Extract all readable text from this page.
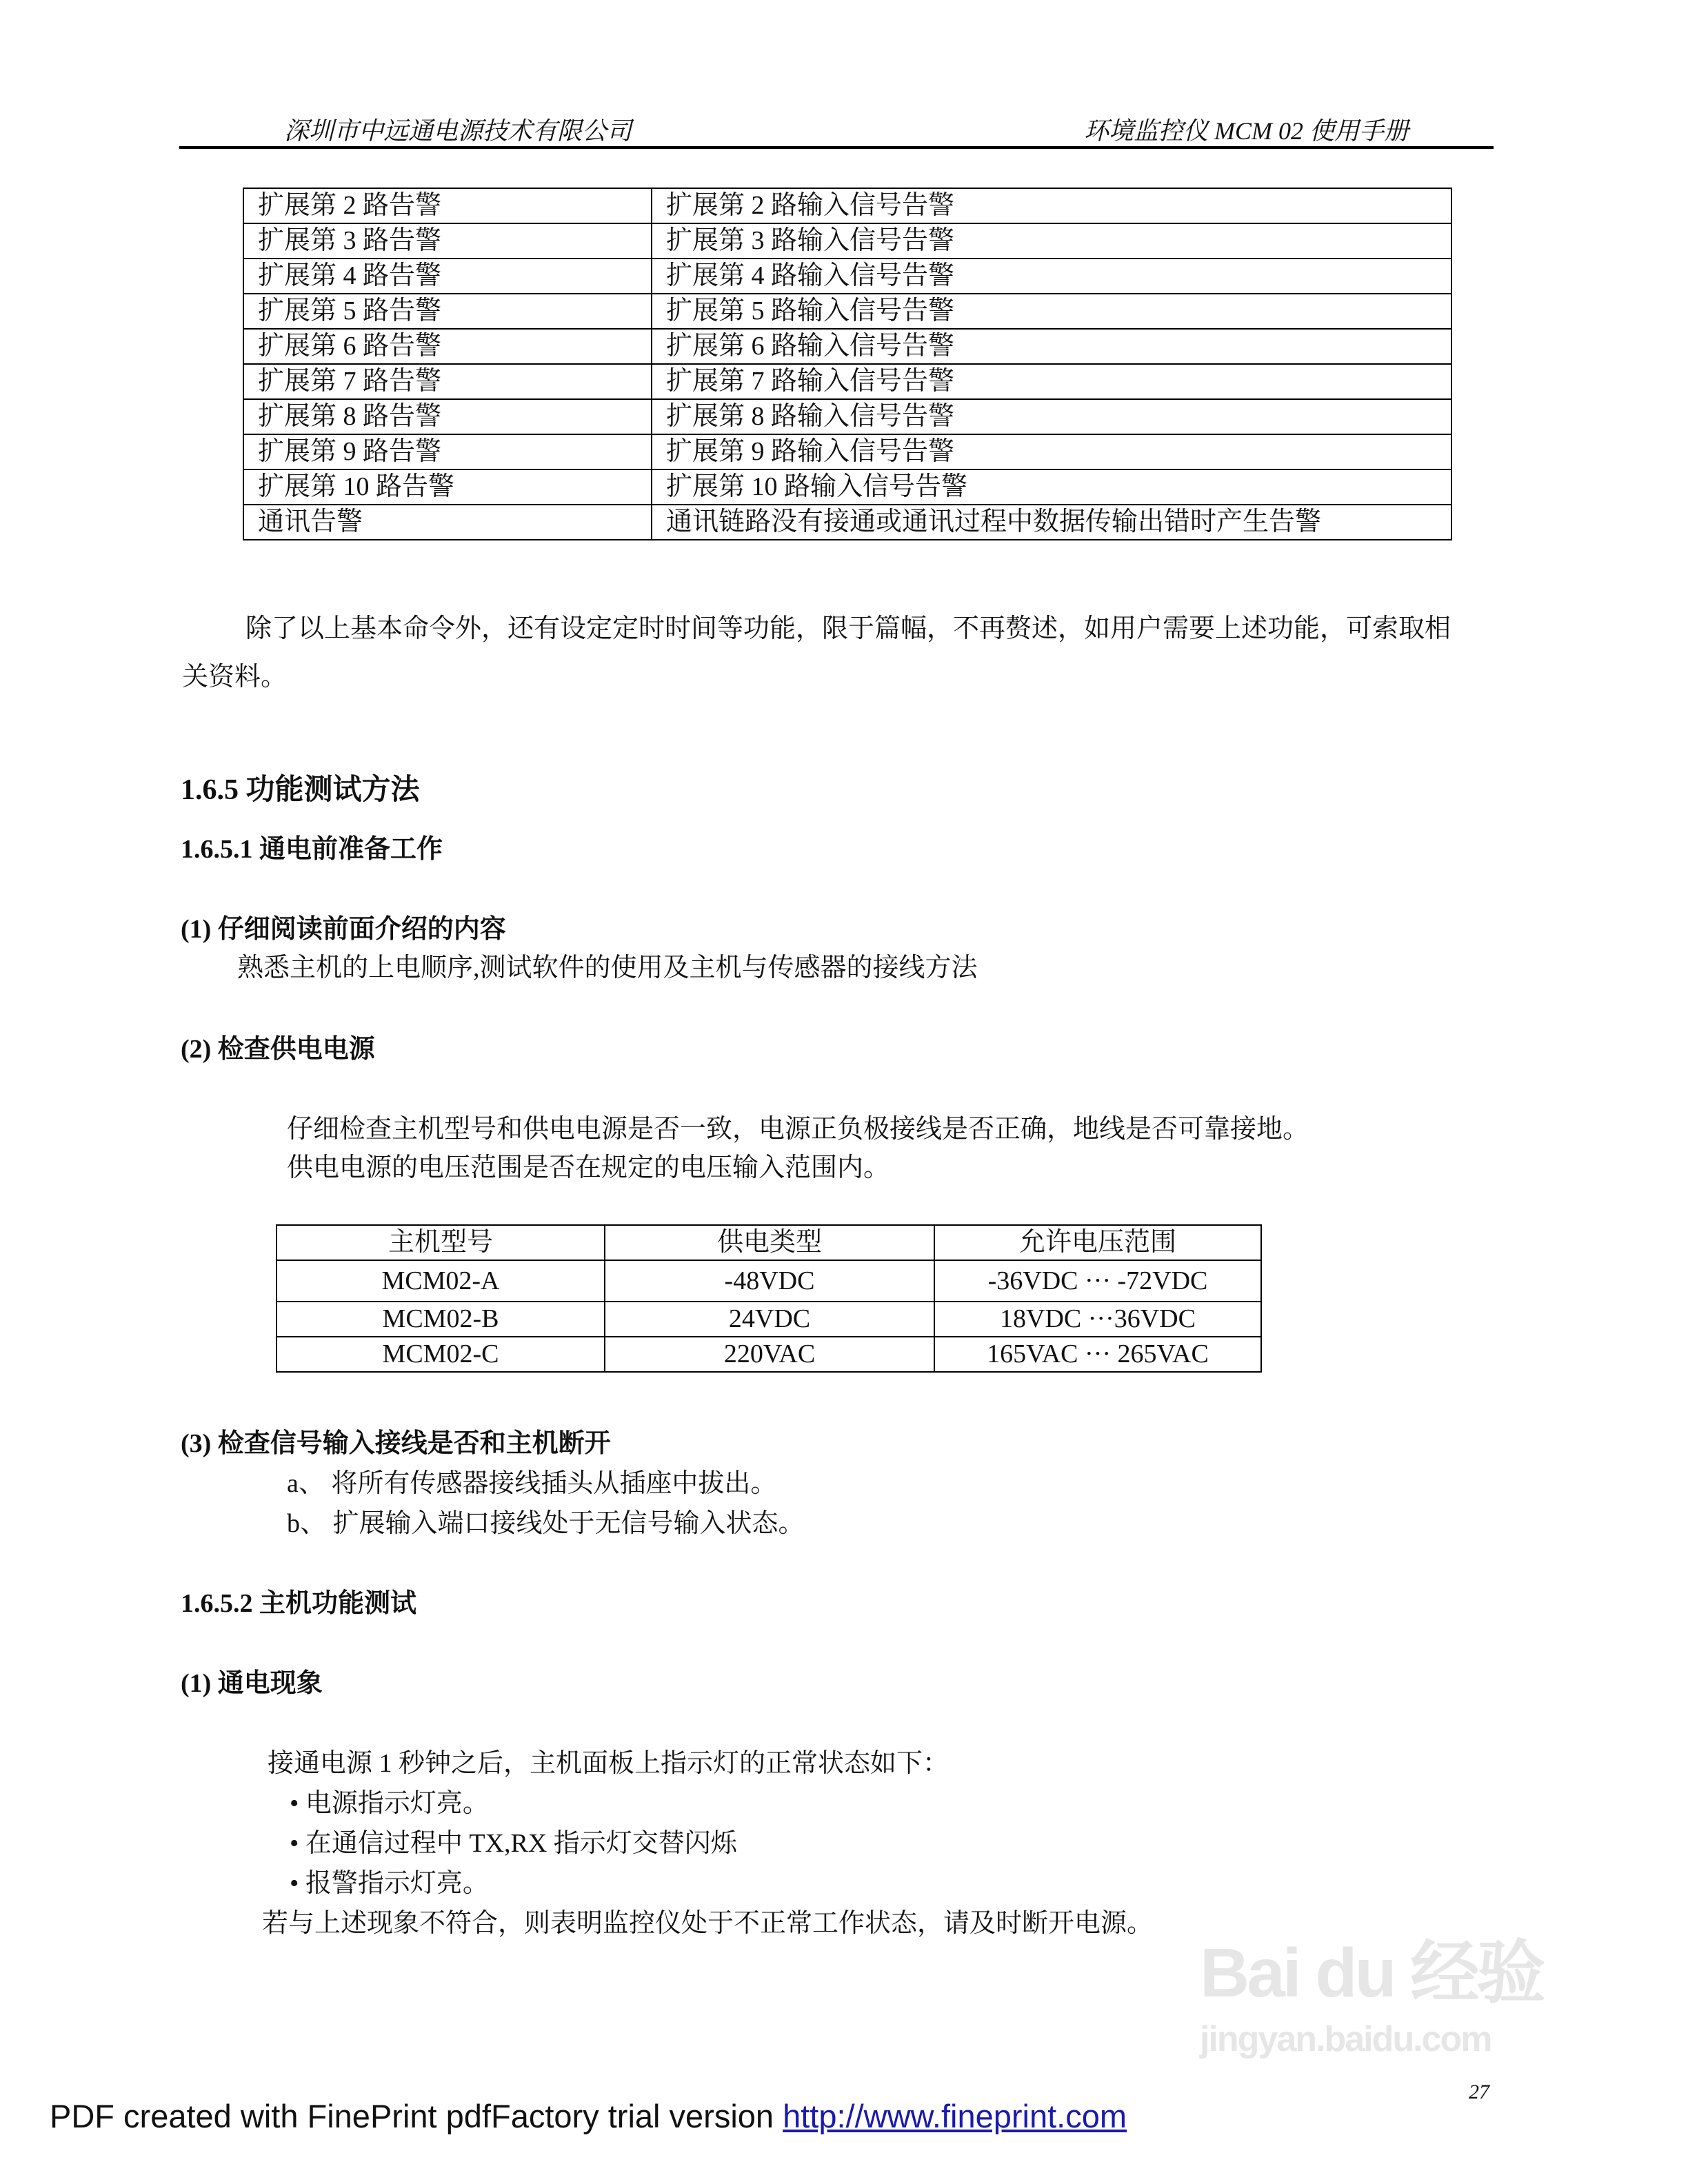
深圳市中远通电源技术有限公司	环境监控仪 MCM 02 使用手册
扩展第 2 路告警	扩展第 2 路输入信号告警
扩展第 3 路告警	扩展第 3 路输入信号告警
扩展第 4 路告警	扩展第 4 路输入信号告警
扩展第 5 路告警	扩展第 5 路输入信号告警
扩展第 6 路告警	扩展第 6 路输入信号告警
扩展第 7 路告警	扩展第 7 路输入信号告警
扩展第 8 路告警	扩展第 8 路输入信号告警
扩展第 9 路告警	扩展第 9 路输入信号告警
扩展第 10 路告警	扩展第 10 路输入信号告警
通讯告警	通讯链路没有接通或通讯过程中数据传输出错时产生告警
除了以上基本命令外，还有设定定时时间等功能，限于篇幅，不再赘述，如用户需要上述功能，可索取相
关资料。
1.6.5 功能测试方法
1.6.5.1 通电前准备工作
(1) 仔细阅读前面介绍的内容
熟悉主机的上电顺序,测试软件的使用及主机与传感器的接线方法
(2) 检查供电电源
仔细检查主机型号和供电电源是否一致，电源正负极接线是否正确，地线是否可靠接地。
供电电源的电压范围是否在规定的电压输入范围内。
主机型号	供电类型	允许电压范围
MCM02-A	-48VDC	-36VDC ··· -72VDC
MCM02-B	24VDC	18VDC ···36VDC
MCM02-C	220VAC	165VAC ··· 265VAC
(3) 检查信号输入接线是否和主机断开
a、 将所有传感器接线插头从插座中拔出。
b、 扩展输入端口接线处于无信号输入状态。
1.6.5.2 主机功能测试
(1) 通电现象
接通电源 1 秒钟之后，主机面板上指示灯的正常状态如下：
• 电源指示灯亮。
• 在通信过程中 TX,RX 指示灯交替闪烁
• 报警指示灯亮。
若与上述现象不符合，则表明监控仪处于不正常工作状态，请及时断开电源。
Bai du 经验
jingyan.baidu.com
27
PDF created with FinePrint pdfFactory trial version http://www.fineprint.com
